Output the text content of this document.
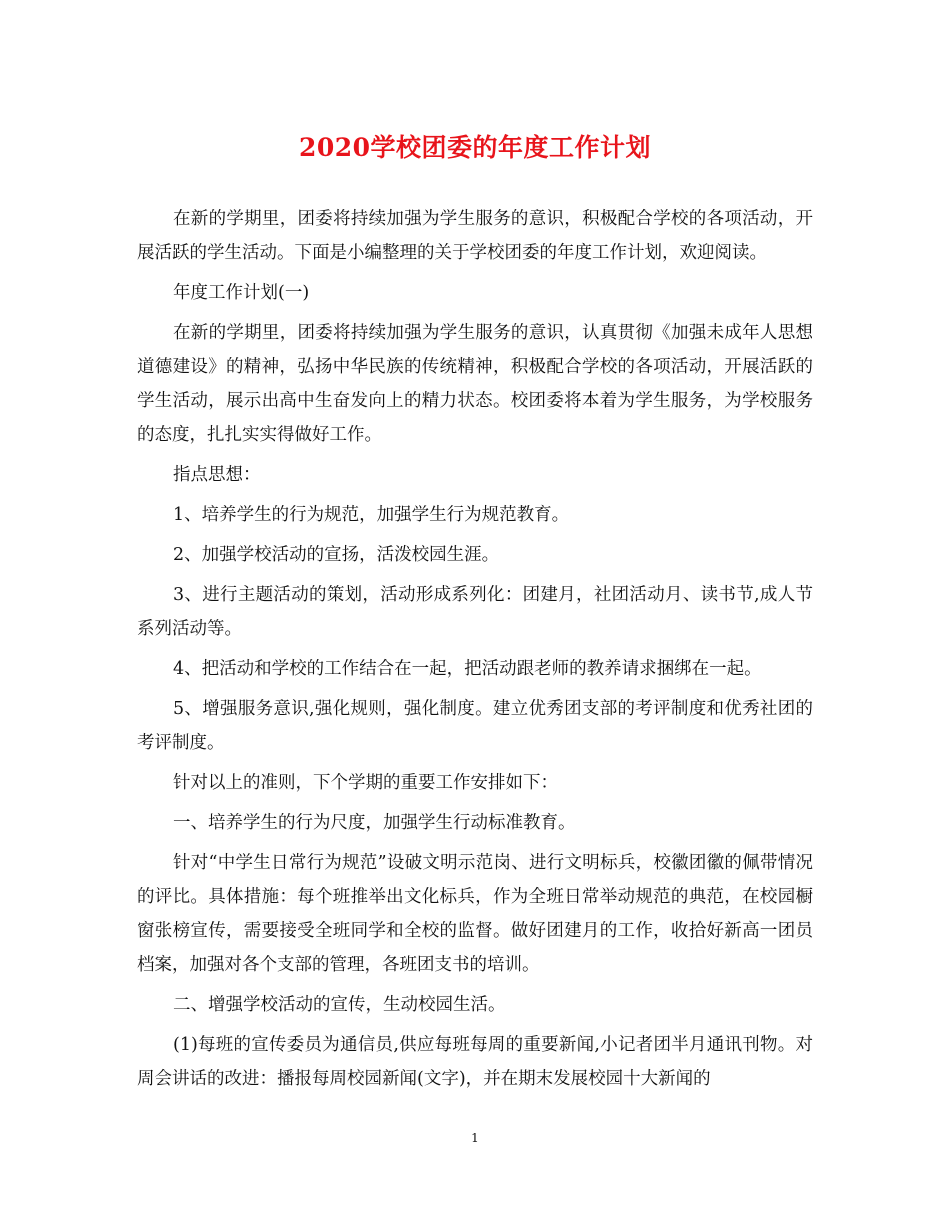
2020学校团委的年度工作计划

在新的学期里，团委将持续加强为学生服务的意识，积极配合学校的各项活动，开展活跃的学生活动。下面是小编整理的关于学校团委的年度工作计划，欢迎阅读。

年度工作计划(一)

在新的学期里，团委将持续加强为学生服务的意识，认真贯彻《加强未成年人思想道德建设》的精神，弘扬中华民族的传统精神，积极配合学校的各项活动，开展活跃的学生活动，展示出高中生奋发向上的精力状态。校团委将本着为学生服务，为学校服务的态度，扎扎实实得做好工作。

指点思想：

1、培养学生的行为规范，加强学生行为规范教育。

2、加强学校活动的宣扬，活泼校园生涯。

3、进行主题活动的策划，活动形成系列化：团建月，社团活动月、读书节,成人节系列活动等。

4、把活动和学校的工作结合在一起，把活动跟老师的教养请求捆绑在一起。

5、增强服务意识,强化规则，强化制度。建立优秀团支部的考评制度和优秀社团的考评制度。

针对以上的准则，下个学期的重要工作安排如下：

一、培养学生的行为尺度，加强学生行动标准教育。

针对“中学生日常行为规范”设破文明示范岗、进行文明标兵，校徽团徽的佩带情况的评比。具体措施：每个班推举出文化标兵，作为全班日常举动规范的典范，在校园橱窗张榜宣传，需要接受全班同学和全校的监督。做好团建月的工作，收拾好新高一团员档案，加强对各个支部的管理，各班团支书的培训。

二、增强学校活动的宣传，生动校园生活。

(1)每班的宣传委员为通信员,供应每班每周的重要新闻,小记者团半月通讯刊物。对周会讲话的改进：播报每周校园新闻(文字)，并在期末发展校园十大新闻的

1
